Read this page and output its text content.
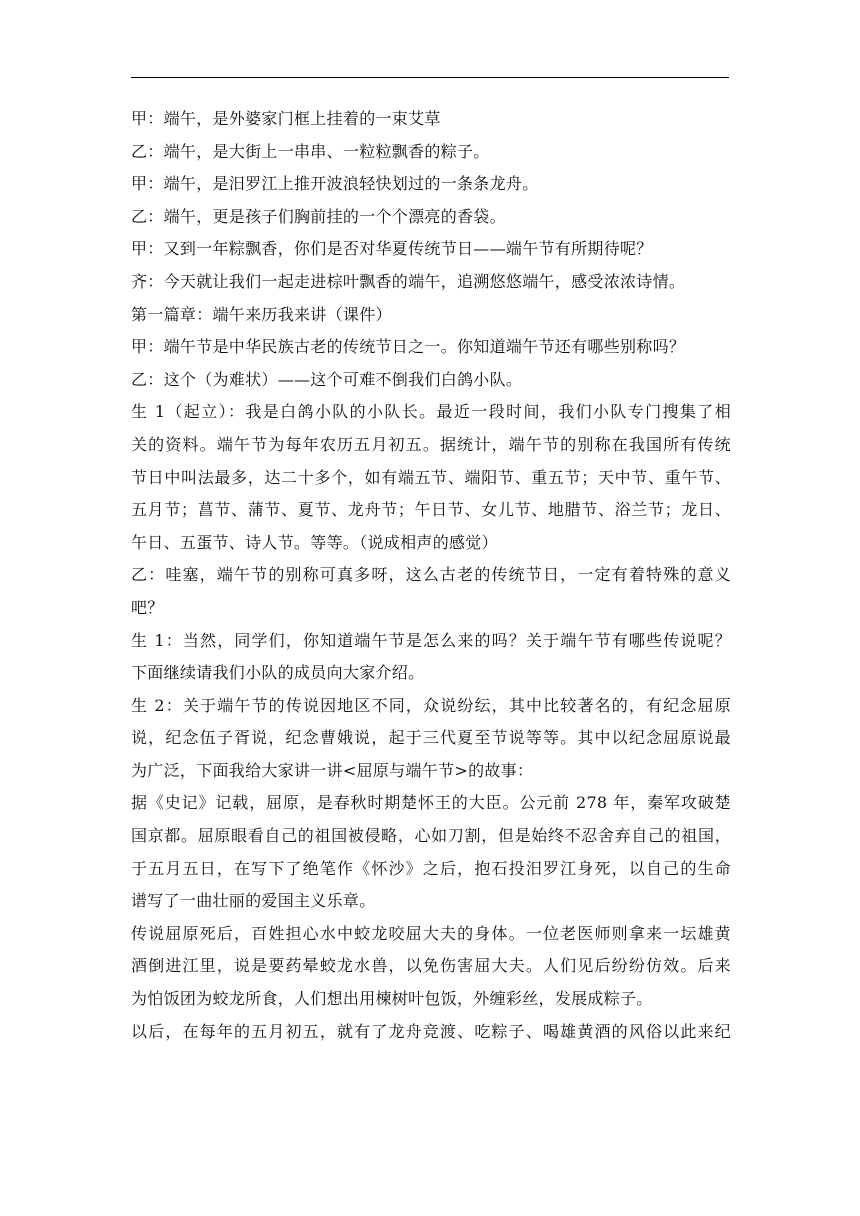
甲：端午，是外婆家门框上挂着的一束艾草

乙：端午，是大街上一串串、一粒粒飘香的粽子。

甲：端午，是汨罗江上推开波浪轻快划过的一条条龙舟。

乙：端午，更是孩子们胸前挂的一个个漂亮的香袋。

甲：又到一年粽飘香，你们是否对华夏传统节日——端午节有所期待呢？

齐：今天就让我们一起走进棕叶飘香的端午，追溯悠悠端午，感受浓浓诗情。

第一篇章：端午来历我来讲（课件）

甲：端午节是中华民族古老的传统节日之一。你知道端午节还有哪些别称吗？

乙：这个（为难状）——这个可难不倒我们白鸽小队。

生 1（起立）：我是白鸽小队的小队长。最近一段时间，我们小队专门搜集了相

关的资料。端午节为每年农历五月初五。据统计，端午节的别称在我国所有传统

节日中叫法最多，达二十多个，如有端五节、端阳节、重五节；天中节、重午节、

五月节；菖节、蒲节、夏节、龙舟节；午日节、女儿节、地腊节、浴兰节；龙日、

午日、五蛋节、诗人节。等等。（说成相声的感觉）

乙：哇塞，端午节的别称可真多呀，这么古老的传统节日，一定有着特殊的意义

吧？

生 1：当然，同学们，你知道端午节是怎么来的吗？关于端午节有哪些传说呢？

下面继续请我们小队的成员向大家介绍。

生 2：关于端午节的传说因地区不同，众说纷纭，其中比较著名的，有纪念屈原

说，纪念伍子胥说，纪念曹娥说，起于三代夏至节说等等。其中以纪念屈原说最

为广泛，下面我给大家讲一讲<屈原与端午节>的故事：

据《史记》记载，屈原，是春秋时期楚怀王的大臣。公元前 278 年，秦军攻破楚

国京都。屈原眼看自己的祖国被侵略，心如刀割，但是始终不忍舍弃自己的祖国，

于五月五日，在写下了绝笔作《怀沙》之后，抱石投汨罗江身死，以自己的生命

谱写了一曲壮丽的爱国主义乐章。

传说屈原死后，百姓担心水中蛟龙咬屈大夫的身体。一位老医师则拿来一坛雄黄

酒倒进江里，说是要药晕蛟龙水兽，以免伤害屈大夫。人们见后纷纷仿效。后来

为怕饭团为蛟龙所食，人们想出用楝树叶包饭，外缠彩丝，发展成粽子。

以后，在每年的五月初五，就有了龙舟竞渡、吃粽子、喝雄黄酒的风俗以此来纪
